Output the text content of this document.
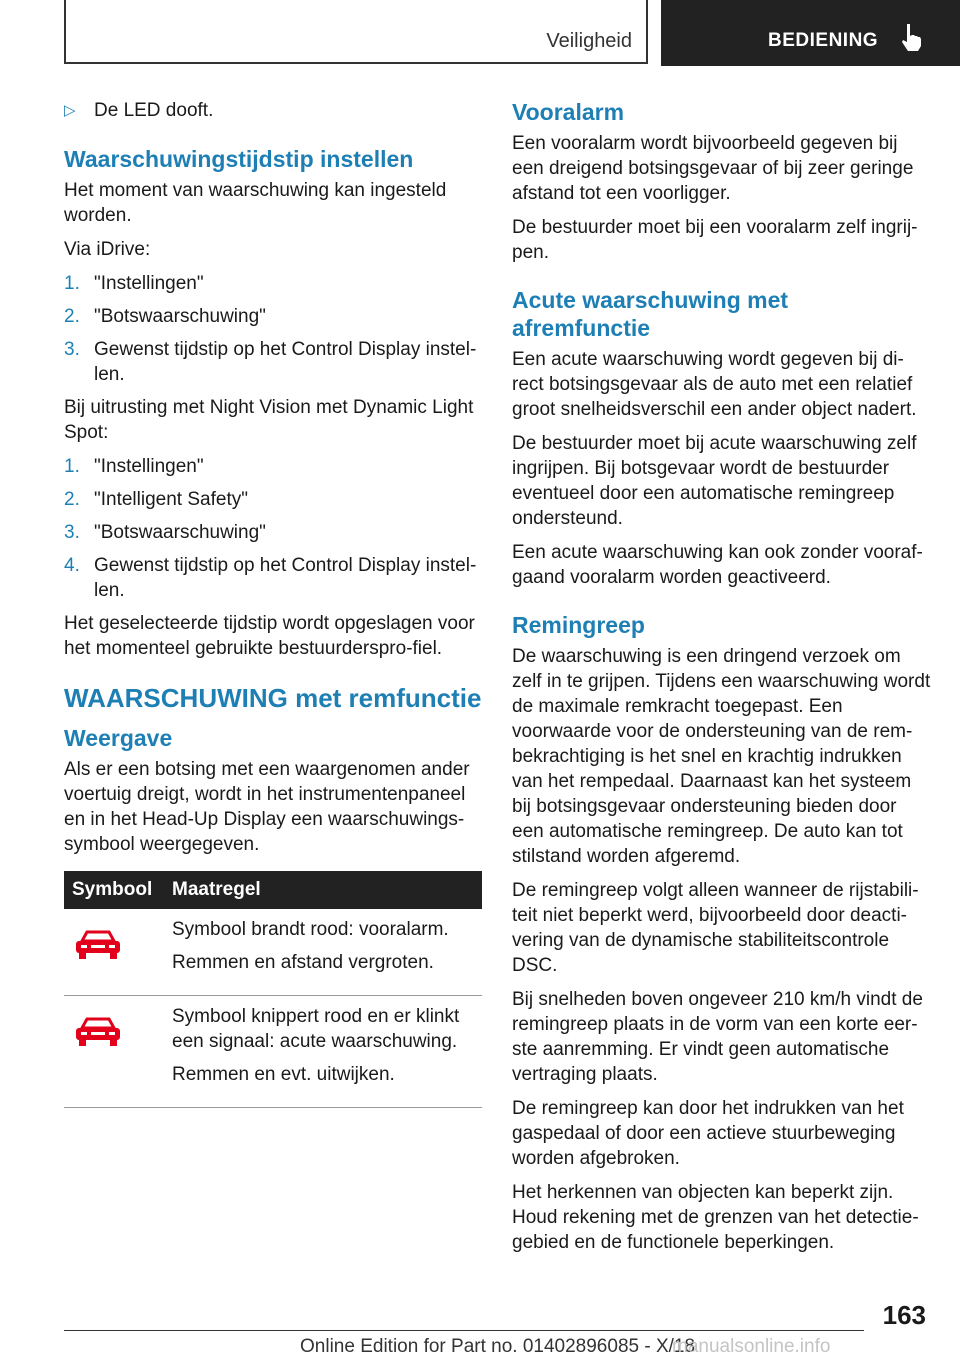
Veiligheid	BEDIENING
▷ De LED dooft.
Waarschuwingstijdstip instellen

Het moment van waarschuwing kan ingesteld worden.

Via iDrive:

1. "Instellingen"
2. "Botswaarschuwing"
3. Gewenst tijdstip op het Control Display instel-len.

Bij uitrusting met Night Vision met Dynamic Light Spot:

1. "Instellingen"
2. "Intelligent Safety"
3. "Botswaarschuwing"
4. Gewenst tijdstip op het Control Display instel-len.

Het geselecteerde tijdstip wordt opgeslagen voor het momenteel gebruikte bestuurderspro-fiel.

WAARSCHUWING met remfunctie
Weergave

Als er een botsing met een waargenomen ander voertuig dreigt, wordt in het instrumentenpaneel en in het Head-Up Display een waarschuwings-symbool weergegeven.

Symbool	Maatregel

Symbool brandt rood: vooralarm.

Remmen en afstand vergroten.

Symbool knippert rood en er klinkt een signaal: acute waarschuwing.

Remmen en evt. uitwijken.

Vooralarm

Een vooralarm wordt bijvoorbeeld gegeven bij een dreigend botsingsgevaar of bij zeer geringe afstand tot een voorligger.

De bestuurder moet bij een vooralarm zelf ingrij-pen.

Acute waarschuwing met afremfunctie

Een acute waarschuwing wordt gegeven bij di-rect botsingsgevaar als de auto met een relatief groot snelheidsverschil een ander object nadert.

De bestuurder moet bij acute waarschuwing zelf ingrijpen. Bij botsgevaar wordt de bestuurder eventueel door een automatische remingreep ondersteund.

Een acute waarschuwing kan ook zonder vooraf-gaand vooralarm worden geactiveerd.

Remingreep

De waarschuwing is een dringend verzoek om zelf in te grijpen. Tijdens een waarschuwing wordt de maximale remkracht toegepast. Een voorwaarde voor de ondersteuning van de rem-bekrachtiging is het snel en krachtig indrukken van het rempedaal. Daarnaast kan het systeem bij botsingsgevaar ondersteuning bieden door een automatische remingreep. De auto kan tot stilstand worden afgeremd.

De remingreep volgt alleen wanneer de rijstabili-teit niet beperkt werd, bijvoorbeeld door deacti-vering van de dynamische stabiliteitscontrole DSC.

Bij snelheden boven ongeveer 210 km/h vindt de remingreep plaats in de vorm van een korte eer-ste aanremming. Er vindt geen automatische vertraging plaats.

De remingreep kan door het indrukken van het gaspedaal of door een actieve stuurbeweging worden afgebroken.

Het herkennen van objecten kan beperkt zijn. Houd rekening met de grenzen van het detectie-gebied en de functionele beperkingen.

163
Online Edition for Part no. 01402896085 - X/18
manualsonline.info
